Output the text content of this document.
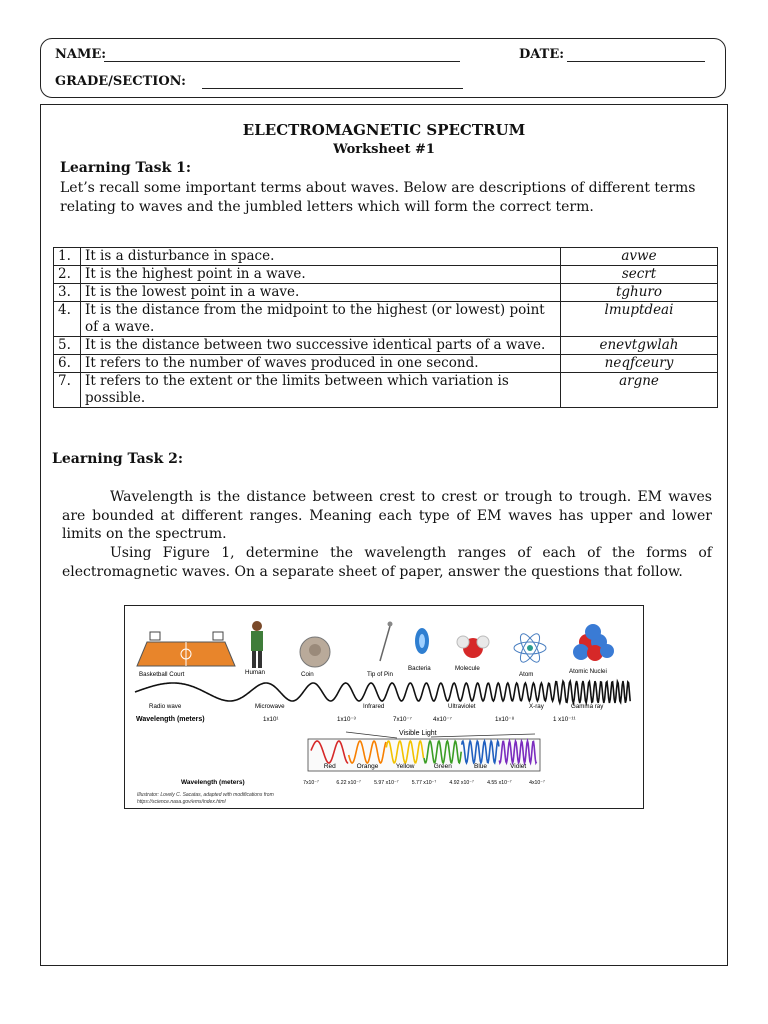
NAME:	DATE:
GRADE/SECTION:
ELECTROMAGNETIC SPECTRUM
Worksheet #1
Learning Task 1:
Let’s recall some important terms about waves. Below are descriptions of different terms relating to waves and the jumbled letters which will form the correct term.
1.	It is a disturbance in space.	avwe
2.	It is the highest point in a wave.	secrt
3.	It is the lowest point in a wave.	tghuro
4.	It is the distance from the midpoint to the highest (or lowest) point of a wave.	lmuptdeai
5.	It is the distance between two successive identical parts of a wave.	enevtgwlah
6.	It refers to the number of waves produced in one second.	neqfceury
7.	It refers to the extent or the limits between which variation is possible.	argne
Learning Task 2:
Wavelength is the distance between crest to crest or trough to trough. EM waves are bounded at different ranges. Meaning each type of EM waves has upper and lower limits on the spectrum.
Using Figure 1, determine the wavelength ranges of each of the forms of electromagnetic waves. On a separate sheet of paper, answer the questions that follow.
Basketball Court	Human	Coin	Tip of Pin
Bacteria	Molecule
Atom	Atomic Nuclei
Radio wave	Microwave	Infrared	Ultraviolet	X-ray	Gamma ray
Wavelength (meters)	1x10¹	1x10⁻³	7x10⁻⁷	4x10⁻⁷	1x10⁻⁸	1 x10⁻¹¹
Visible Light
Red	Orange	Yellow	Green	Blue	Violet
Wavelength (meters)	7x10⁻⁷	6.22 x10⁻⁷	5.97 x10⁻⁷	5.77 x10⁻⁷	4.92 x10⁻⁷	4.55 x10⁻⁷	4x10⁻⁷
Illustrator: Lovely C. Sacatas, adapted with modifications from
https://science.nasa.gov/ems/index.html
